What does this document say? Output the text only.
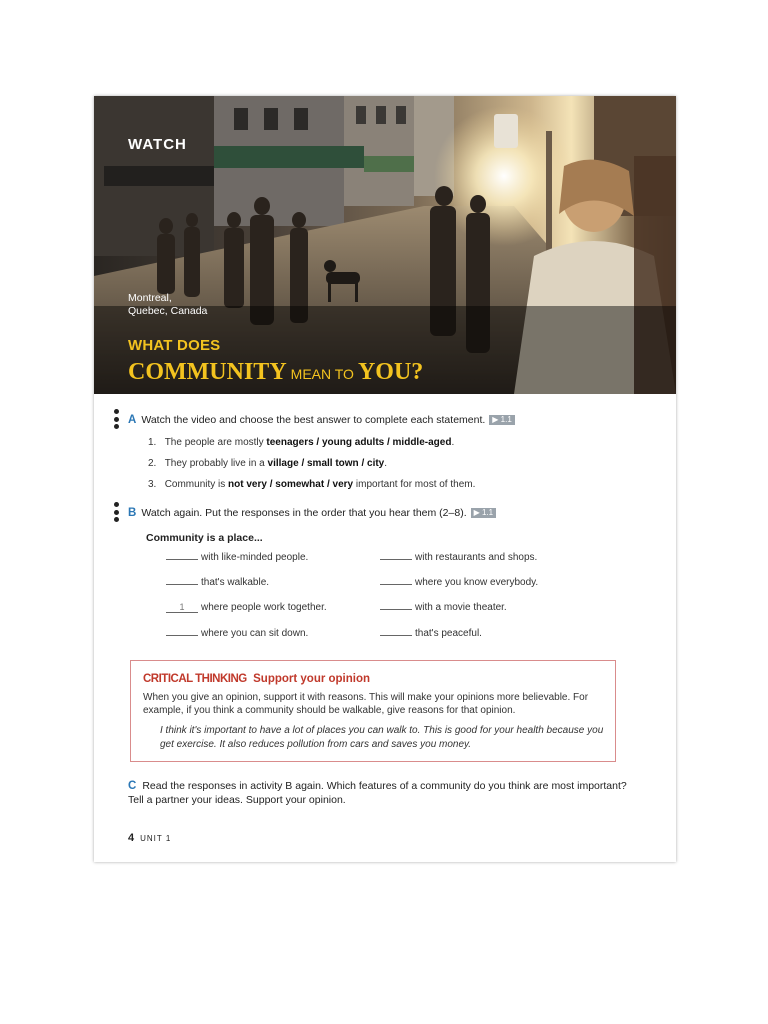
WATCH
Montreal,
Quebec, Canada
WHAT DOES
COMMUNITY MEAN TO YOU?
A Watch the video and choose the best answer to complete each statement. ▶ 1.1
1. The people are mostly teenagers / young adults / middle-aged.
2. They probably live in a village / small town / city.
3. Community is not very / somewhat / very important for most of them.
B Watch again. Put the responses in the order that you hear them (2–8). ▶ 1.1
Community is a place...
with like-minded people.
that's walkable.
1 where people work together.
where you can sit down.
with restaurants and shops.
where you know everybody.
with a movie theater.
that's peaceful.
CRITICAL THINKING Support your opinion
When you give an opinion, support it with reasons. This will make your opinions more believable. For example, if you think a community should be walkable, give reasons for that opinion.
I think it's important to have a lot of places you can walk to. This is good for your health because you get exercise. It also reduces pollution from cars and saves you money.
C Read the responses in activity B again. Which features of a community do you think are most important? Tell a partner your ideas. Support your opinion.
4 UNIT 1
